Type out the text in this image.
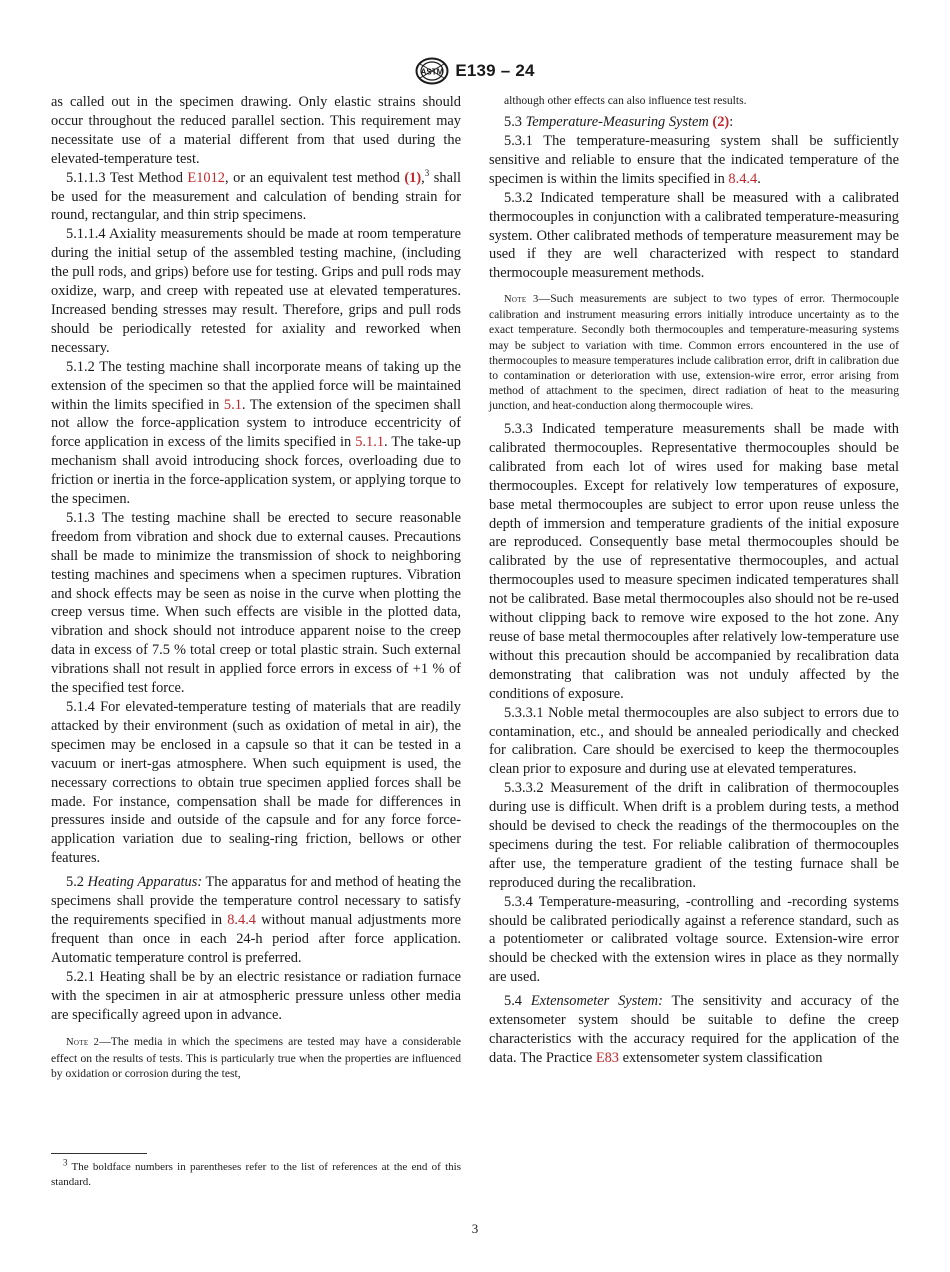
ASTM E139 – 24

as called out in the specimen drawing. Only elastic strains should occur throughout the reduced parallel section. This requirement may necessitate use of a material different from that used during the elevated-temperature test.

5.1.1.3 Test Method E1012, or an equivalent test method (1),$^3$ shall be used for the measurement and calculation of bending strain for round, rectangular, and thin strip specimens.

5.1.1.4 Axiality measurements should be made at room temperature during the initial setup of the assembled testing machine, (including the pull rods, and grips) before use for testing. Grips and pull rods may oxidize, warp, and creep with repeated use at elevated temperatures. Increased bending stresses may result. Therefore, grips and pull rods should be periodically retested for axiality and reworked when necessary.

5.1.2 The testing machine shall incorporate means of taking up the extension of the specimen so that the applied force will be maintained within the limits specified in 5.1. The extension of the specimen shall not allow the force-application system to introduce eccentricity of force application in excess of the limits specified in 5.1.1. The take-up mechanism shall avoid introducing shock forces, overloading due to friction or inertia in the force-application system, or applying torque to the specimen.

5.1.3 The testing machine shall be erected to secure reasonable freedom from vibration and shock due to external causes. Precautions shall be made to minimize the transmission of shock to neighboring testing machines and specimens when a specimen ruptures. Vibration and shock effects may be seen as noise in the curve when plotting the creep versus time. When such effects are visible in the plotted data, vibration and shock should not introduce apparent noise to the creep data in excess of 7.5 % total creep or total plastic strain. Such external vibrations shall not result in applied force errors in excess of +1 % of the specified test force.

5.1.4 For elevated-temperature testing of materials that are readily attacked by their environment (such as oxidation of metal in air), the specimen may be enclosed in a capsule so that it can be tested in a vacuum or inert-gas atmosphere. When such equipment is used, the necessary corrections to obtain true specimen applied forces shall be made. For instance, compensation shall be made for differences in pressures inside and outside of the capsule and for any force force-application variation due to sealing-ring friction, bellows or other features.

5.2 Heating Apparatus: The apparatus for and method of heating the specimens shall provide the temperature control necessary to satisfy the requirements specified in 8.4.4 without manual adjustments more frequent than once in each 24-h period after force application. Automatic temperature control is preferred.

5.2.1 Heating shall be by an electric resistance or radiation furnace with the specimen in air at atmospheric pressure unless other media are specifically agreed upon in advance.

Note 2—The media in which the specimens are tested may have a considerable effect on the results of tests. This is particularly true when the properties are influenced by oxidation or corrosion during the test,

although other effects can also influence test results.

5.3 Temperature-Measuring System (2):

5.3.1 The temperature-measuring system shall be sufficiently sensitive and reliable to ensure that the indicated temperature of the specimen is within the limits specified in 8.4.4.

5.3.2 Indicated temperature shall be measured with a calibrated thermocouples in conjunction with a calibrated temperature-measuring system. Other calibrated methods of temperature measurement may be used if they are well characterized with respect to standard thermocouple measurement methods.

Note 3—Such measurements are subject to two types of error. Thermocouple calibration and instrument measuring errors initially introduce uncertainty as to the exact temperature. Secondly both thermocouples and temperature-measuring systems may be subject to variation with time. Common errors encountered in the use of thermocouples to measure temperatures include calibration error, drift in calibration due to contamination or deterioration with use, extension-wire error, error arising from method of attachment to the specimen, direct radiation of heat to the measuring junction, and heat-conduction along thermocouple wires.

5.3.3 Indicated temperature measurements shall be made with calibrated thermocouples. Representative thermocouples should be calibrated from each lot of wires used for making base metal thermocouples. Except for relatively low temperatures of exposure, base metal thermocouples are subject to error upon reuse unless the depth of immersion and temperature gradients of the initial exposure are reproduced. Consequently base metal thermocouples should be calibrated by the use of representative thermocouples, and actual thermocouples used to measure specimen indicated temperatures shall not be calibrated. Base metal thermocouples also should not be re-used without clipping back to remove wire exposed to the hot zone. Any reuse of base metal thermocouples after relatively low-temperature use without this precaution should be accompanied by recalibration data demonstrating that calibration was not unduly affected by the conditions of exposure.

5.3.3.1 Noble metal thermocouples are also subject to errors due to contamination, etc., and should be annealed periodically and checked for calibration. Care should be exercised to keep the thermocouples clean prior to exposure and during use at elevated temperatures.

5.3.3.2 Measurement of the drift in calibration of thermocouples during use is difficult. When drift is a problem during tests, a method should be devised to check the readings of the thermocouples on the specimens during the test. For reliable calibration of thermocouples after use, the temperature gradient of the testing furnace shall be reproduced during the recalibration.

5.3.4 Temperature-measuring, -controlling and -recording systems should be calibrated periodically against a reference standard, such as a potentiometer or calibrated voltage source. Extension-wire error should be checked with the extension wires in place as they normally are used.

5.4 Extensometer System: The sensitivity and accuracy of the extensometer system should be suitable to define the creep characteristics with the accuracy required for the application of the data. The Practice E83 extensometer system classification

$^3$ The boldface numbers in parentheses refer to the list of references at the end of this standard.
3
